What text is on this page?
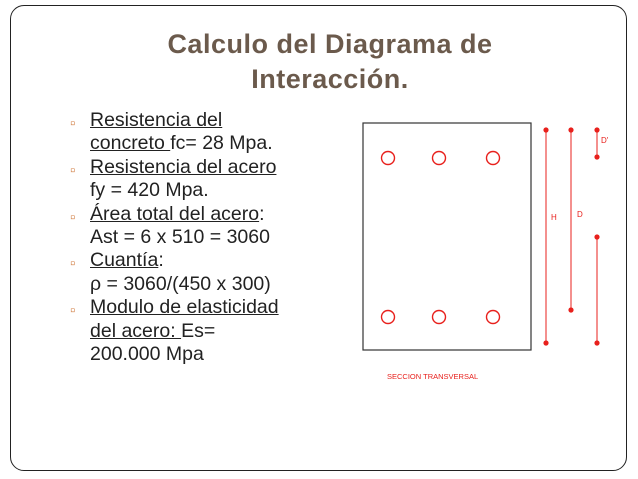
Calculo del Diagrama de
Interacción.
▫ Resistencia del
concreto fc= 28 Mpa.
▫ Resistencia del acero
fy = 420 Mpa.
▫ Área total del acero:
Ast = 6 x 510 = 3060
▫ Cuantía:
ρ = 3060/(450 x 300)
▫ Modulo de elasticidad
del acero: Es=
200.000 Mpa
H	D
D'
SECCION TRANSVERSAL
